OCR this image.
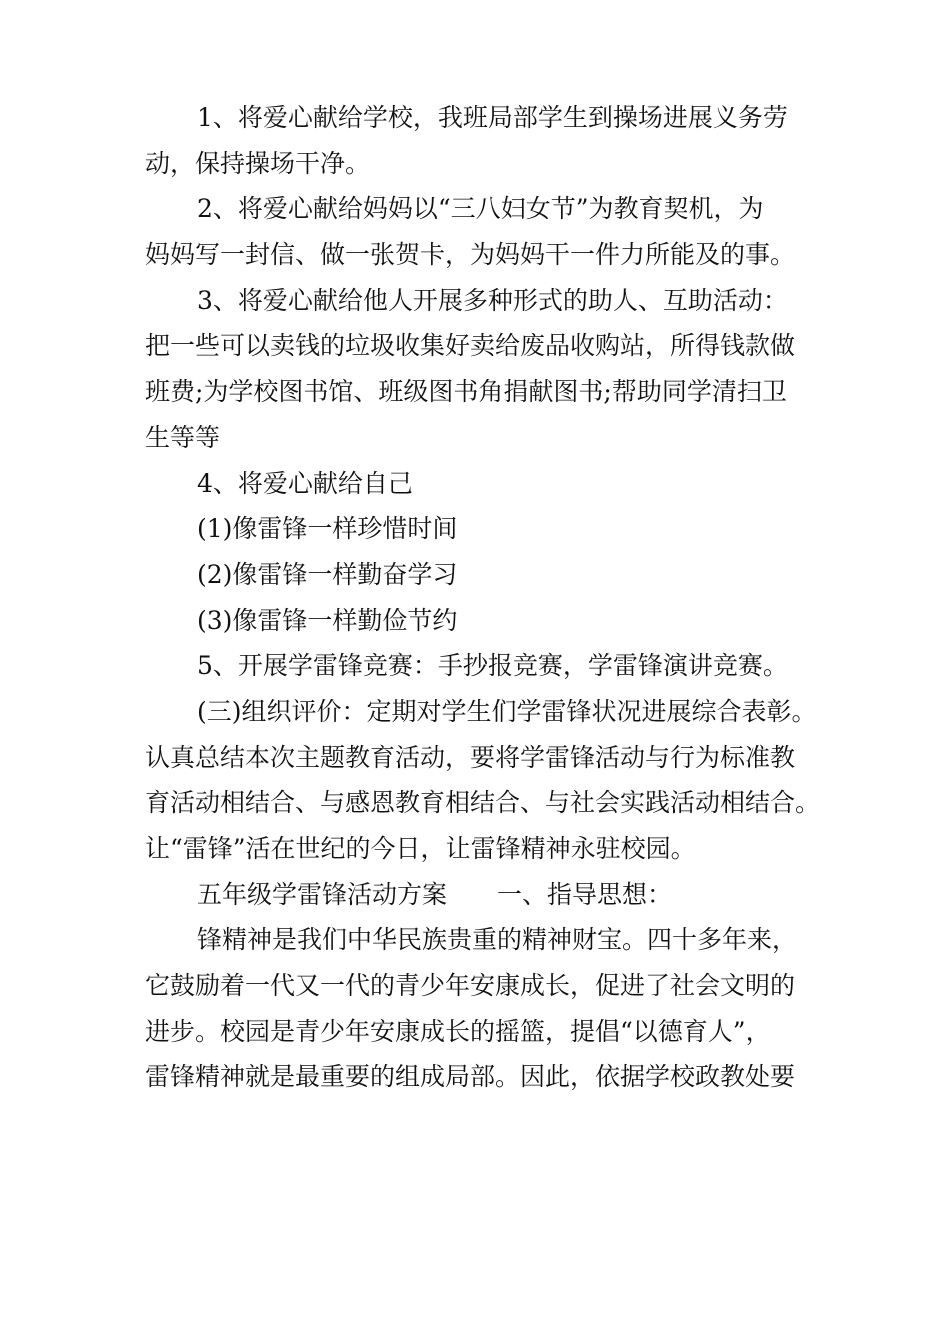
1、将爱心献给学校，我班局部学生到操场进展义务劳
动，保持操场干净。
2、将爱心献给妈妈以“三八妇女节”为教育契机，为
妈妈写一封信、做一张贺卡，为妈妈干一件力所能及的事。
3、将爱心献给他人开展多种形式的助人、互助活动：
把一些可以卖钱的垃圾收集好卖给废品收购站，所得钱款做
班费;为学校图书馆、班级图书角捐献图书;帮助同学清扫卫
生等等
4、将爱心献给自己
(1)像雷锋一样珍惜时间
(2)像雷锋一样勤奋学习
(3)像雷锋一样勤俭节约
5、开展学雷锋竞赛：手抄报竞赛，学雷锋演讲竞赛。
(三)组织评价：定期对学生们学雷锋状况进展综合表彰。
认真总结本次主题教育活动，要将学雷锋活动与行为标准教
育活动相结合、与感恩教育相结合、与社会实践活动相结合。
让“雷锋”活在世纪的今日，让雷锋精神永驻校园。
五年级学雷锋活动方案　　一、指导思想：
锋精神是我们中华民族贵重的精神财宝。四十多年来，
它鼓励着一代又一代的青少年安康成长，促进了社会文明的
进步。校园是青少年安康成长的摇篮，提倡“以德育人”，
雷锋精神就是最重要的组成局部。因此，依据学校政教处要
